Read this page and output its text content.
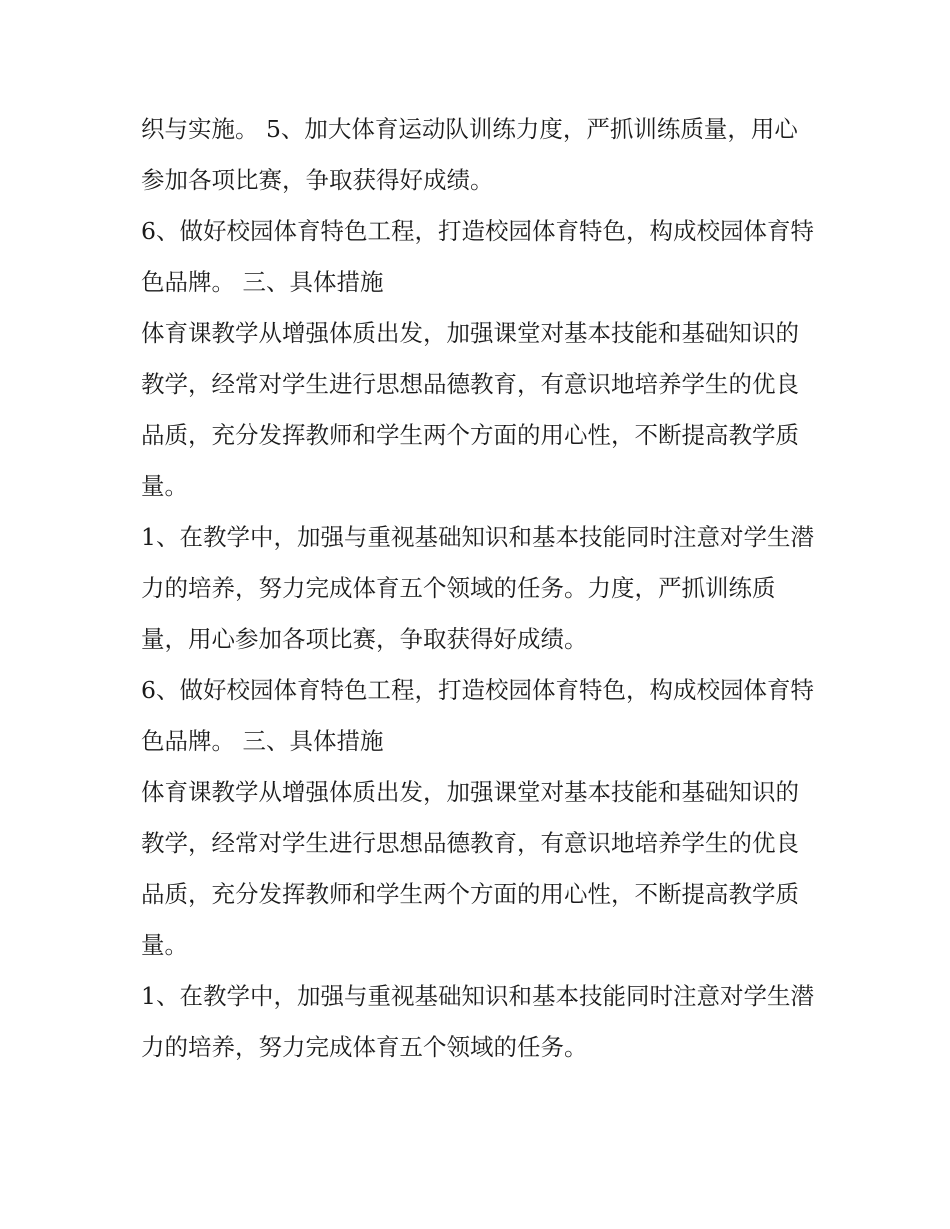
织与实施。 5、加大体育运动队训练力度，严抓训练质量，用心参加各项比赛，争取获得好成绩。

6、做好校园体育特色工程，打造校园体育特色，构成校园体育特色品牌。 三、具体措施

体育课教学从增强体质出发，加强课堂对基本技能和基础知识的教学，经常对学生进行思想品德教育，有意识地培养学生的优良品质，充分发挥教师和学生两个方面的用心性，不断提高教学质量。

1、在教学中，加强与重视基础知识和基本技能同时注意对学生潜力的培养，努力完成体育五个领域的任务。力度，严抓训练质量，用心参加各项比赛，争取获得好成绩。

6、做好校园体育特色工程，打造校园体育特色，构成校园体育特色品牌。 三、具体措施

体育课教学从增强体质出发，加强课堂对基本技能和基础知识的教学，经常对学生进行思想品德教育，有意识地培养学生的优良品质，充分发挥教师和学生两个方面的用心性，不断提高教学质量。

1、在教学中，加强与重视基础知识和基本技能同时注意对学生潜力的培养，努力完成体育五个领域的任务。
